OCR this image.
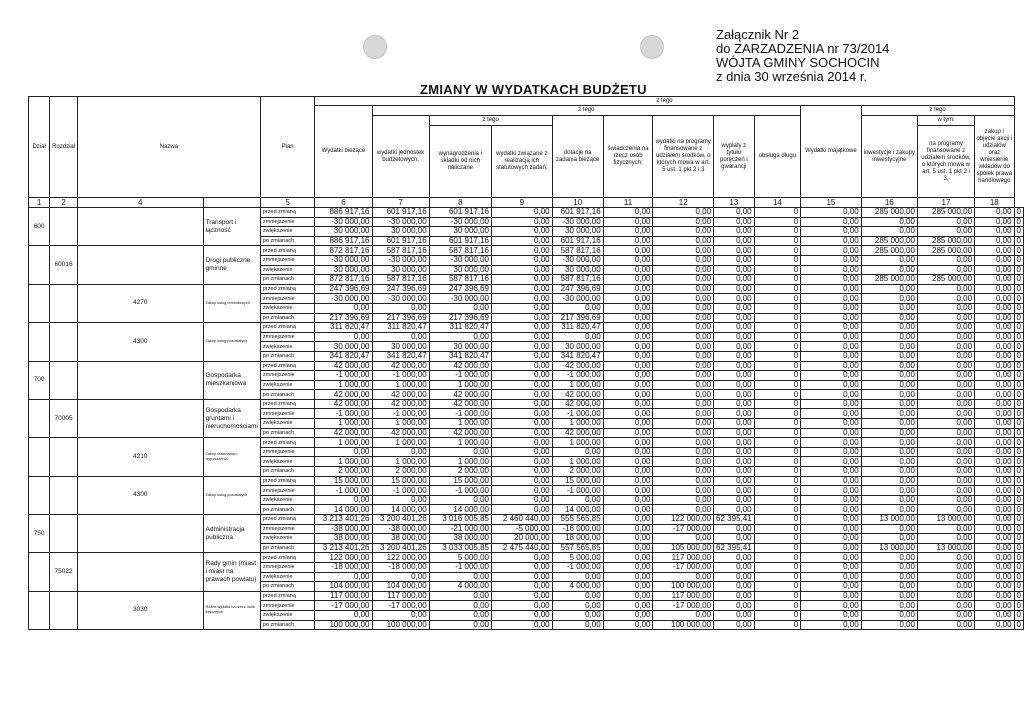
Załącznik Nr 2
do ZARZADZENIA nr 73/2014
WÓJTA GMINY SOCHOCIN
z dnia 30 września 2014 r.
ZMIANY W WYDATKACH BUDŻETU
Dział	Rozdział	Nazwa		Plan	z tego													
					Wydatki bieżące	z tego								Wydatki majątkowe	z tego			
						wydatki jednostek budżetowych,	z tego		dotacje na zadania bieżące	świadczenia na rzecz osób fizycznych;	wydatki na programy finansowane z udziałem środków, o których mowa w art. 5 ust. 1 pkt 2 i 3	wypłaty z tytułu poręczeń i gwarancji	obsługa długu		inwestycje i zakupy inwestycyjne	w tym:	zakup i objęcie akcji i udziałów oraz wniesienie wkładów do spółek prawa handlowego	
							wynagrodzenia i składki od nich naliczane	wydatki związane z realizacją ich statutowych zadań;								na programy finansowane z udziałem środków, o których mowa w art. 5 ust. 1 pkt 2 i 3,		
1	2	4		5	6	7	8	9	10	11	12	13	14	15	16	17	18	
600			Transport i łączność	przed zmianą	886 917,16	601 917,16	601 917,16	0,00	601 917,16	0,00	0,00	0,00	0	0,00	285 000,00	285 000,00	0,00	0
				zmniejszenie	-30 000,00	-30 000,00	-30 000,00	0,00	-30 000,00	0,00	0,00	0,00	0	0,00	0,00	0,00	0,00	0
				zwiększenie	30 000,00	30 000,00	30 000,00	0,00	30 000,00	0,00	0,00	0,00	0	0,00	0,00	0,00	0,00	0
				po zmianach	886 917,16	601 917,16	601 917,16	0,00	601 917,16	0,00	0,00	0,00	0	0,00	285 000,00	285 000,00	0,00	0
	60016		Drogi publiczne gminne	przed zmianą	872 817,16	587 817,16	587 817,16	0,00	587 817,16	0,00	0,00	0,00	0	0,00	285 000,00	285 000,00	0,00	0
				zmniejszenie	-30 000,00	-30 000,00	-30 000,00	0,00	-30 000,00	0,00	0,00	0,00	0	0,00	0,00	0,00	0,00	0
				zwiększenie	30 000,00	30 000,00	30 000,00	0,00	30 000,00	0,00	0,00	0,00	0	0,00	0,00	0,00	0,00	0
				po zmianach	872 817,16	587 817,16	587 817,16	0,00	587 817,16	0,00	0,00	0,00	0	0,00	285 000,00	285 000,00	0,00	0
		4270	Zakup usług remontowych	przed zmianą	247 396,69	247 396,69	247 396,69	0,00	247 396,69	0,00	0,00	0,00	0	0,00	0,00	0,00	0,00	0
				zmniejszenie	-30 000,00	-30 000,00	-30 000,00	0,00	-30 000,00	0,00	0,00	0,00	0	0,00	0,00	0,00	0,00	0
				zwiększenie	0,00	0,00	0,00	0,00	0,00	0,00	0,00	0,00	0	0,00	0,00	0,00	0,00	0
				po zmianach	217 396,69	217 396,69	217 396,69	0,00	217 396,69	0,00	0,00	0,00	0	0,00	0,00	0,00	0,00	0
		4300	Zakup usług pozostałych	przed zmianą	311 820,47	311 820,47	311 820,47	0,00	311 820,47	0,00	0,00	0,00	0	0,00	0,00	0,00	0,00	0
				zmniejszenie	0,00	0,00	0,00	0,00	0,00	0,00	0,00	0,00	0	0,00	0,00	0,00	0,00	0
				zwiększenie	30 000,00	30 000,00	30 000,00	0,00	30 000,00	0,00	0,00	0,00	0	0,00	0,00	0,00	0,00	0
				po zmianach	341 820,47	341 820,47	341 820,47	0,00	341 820,47	0,00	0,00	0,00	0	0,00	0,00	0,00	0,00	0
700			Gospodarka mieszkaniowa	przed zmianą	42 000,00	42 000,00	42 000,00	0,00	42 000,00	0,00	0,00	0,00	0	0,00	0,00	0,00	0,00	0
				zmniejszenie	-1 000,00	-1 000,00	-1 000,00	0,00	-1 000,00	0,00	0,00	0,00	0	0,00	0,00	0,00	0,00	0
				zwiększenie	1 000,00	1 000,00	1 000,00	0,00	1 000,00	0,00	0,00	0,00	0	0,00	0,00	0,00	0,00	0
				po zmianach	42 000,00	42 000,00	42 000,00	0,00	42 000,00	0,00	0,00	0,00	0	0,00	0,00	0,00	0,00	0
	70005		Gospodarka gruntami i nieruchomościami	przed zmianą	42 000,00	42 000,00	42 000,00	0,00	42 000,00	0,00	0,00	0,00	0	0,00	0,00	0,00	0,00	0
				zmniejszenie	-1 000,00	-1 000,00	-1 000,00	0,00	-1 000,00	0,00	0,00	0,00	0	0,00	0,00	0,00	0,00	0
				zwiększenie	1 000,00	1 000,00	1 000,00	0,00	1 000,00	0,00	0,00	0,00	0	0,00	0,00	0,00	0,00	0
				po zmianach	42 000,00	42 000,00	42 000,00	0,00	42 000,00	0,00	0,00	0,00	0	0,00	0,00	0,00	0,00	0
		4210	Zakup materiałów i wyposażenia	przed zmianą	1 000,00	1 000,00	1 000,00	0,00	1 000,00	0,00	0,00	0,00	0	0,00	0,00	0,00	0,00	0
				zmniejszenie	0,00	0,00	0,00	0,00	0,00	0,00	0,00	0,00	0	0,00	0,00	0,00	0,00	0
				zwiększenie	1 000,00	1 000,00	1 000,00	0,00	1 000,00	0,00	0,00	0,00	0	0,00	0,00	0,00	0,00	0
				po zmianach	2 000,00	2 000,00	2 000,00	0,00	2 000,00	0,00	0,00	0,00	0	0,00	0,00	0,00	0,00	0
		4300	Zakup usług pozostałych	przed zmianą	15 000,00	15 000,00	15 000,00	0,00	15 000,00	0,00	0,00	0,00	0	0,00	0,00	0,00	0,00	0
				zmniejszenie	-1 000,00	-1 000,00	-1 000,00	0,00	-1 000,00	0,00	0,00	0,00	0	0,00	0,00	0,00	0,00	0
				zwiększenie	0,00	0,00	0,00	0,00	0,00	0,00	0,00	0,00	0	0,00	0,00	0,00	0,00	0
				po zmianach	14 000,00	14 000,00	14 000,00	0,00	14 000,00	0,00	0,00	0,00	0	0,00	0,00	0,00	0,00	0
750			Administracja publiczna	przed zmianą	3 213 401,26	3 200 401,26	3 016 005,85	2 460 440,00	555 565,85	0,00	122 000,00	62 395,41	0	0,00	13 000,00	13 000,00	0,00	0
				zmniejszenie	-38 000,00	-38 000,00	-21 000,00	-5 000,00	-16 000,00	0,00	-17 000,00	0,00	0	0,00	0,00	0,00	0,00	0
				zwiększenie	38 000,00	38 000,00	38 000,00	20 000,00	18 000,00	0,00	0,00	0,00	0	0,00	0,00	0,00	0,00	0
				po zmianach	3 213 401,26	3 200 401,26	3 033 005,85	2 475 440,00	557 565,85	0,00	105 000,00	62 395,41	0	0,00	13 000,00	13 000,00	0,00	0
	75022		Rady gmin (miast i miast na prawach powiatu)	przed zmianą	122 000,00	122 000,00	5 000,00	0,00	5 000,00	0,00	117 000,00	0,00	0	0,00	0,00	0,00	0,00	0
				zmniejszenie	-18 000,00	-18 000,00	-1 000,00	0,00	-1 000,00	0,00	-17 000,00	0,00	0	0,00	0,00	0,00	0,00	0
				zwiększenie	0,00	0,00	0,00	0,00	0,00	0,00	0,00	0,00	0	0,00	0,00	0,00	0,00	0
				po zmianach	104 000,00	104 000,00	4 000,00	0,00	4 000,00	0,00	100 000,00	0,00	0	0,00	0,00	0,00	0,00	0
		3030	Różne wydatki na rzecz osób fizycznych	przed zmianą	117 000,00	117 000,00	0,00	0,00	0,00	0,00	117 000,00	0,00	0	0,00	0,00	0,00	0,00	0
				zmniejszenie	-17 000,00	-17 000,00	0,00	0,00	0,00	0,00	-17 000,00	0,00	0	0,00	0,00	0,00	0,00	0
				zwiększenie	0,00	0,00	0,00	0,00	0,00	0,00	0,00	0,00	0	0,00	0,00	0,00	0,00	0
				po zmianach	100 000,00	100 000,00	0,00	0,00	0,00	0,00	100 000,00	0,00	0	0,00	0,00	0,00	0,00	0
